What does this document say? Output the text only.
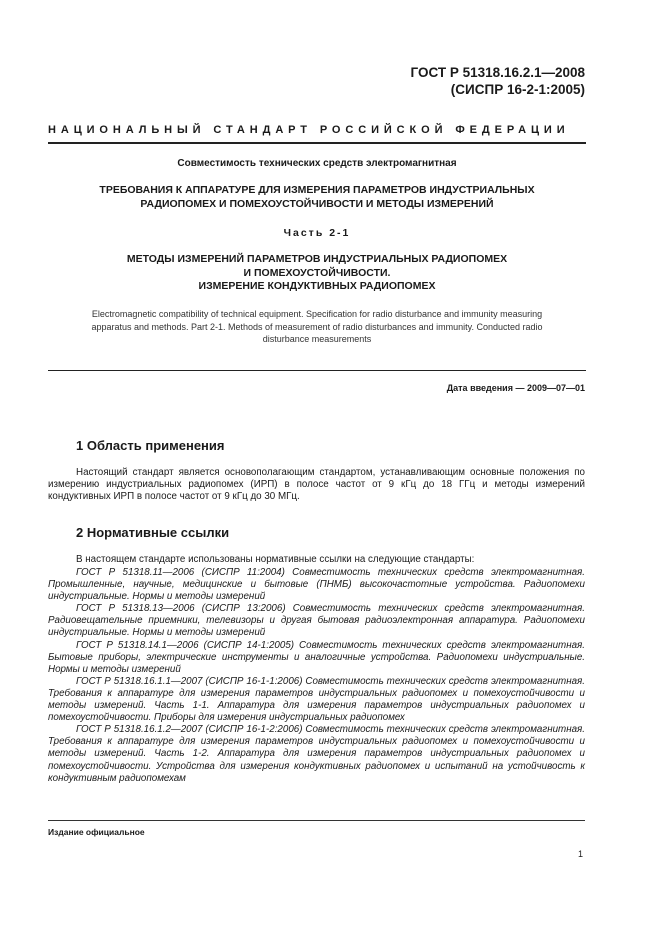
ГОСТ Р 51318.16.2.1—2008
(СИСПР 16-2-1:2005)
НАЦИОНАЛЬНЫЙ СТАНДАРТ РОССИЙСКОЙ ФЕДЕРАЦИИ
Совместимость технических средств электромагнитная
ТРЕБОВАНИЯ К АППАРАТУРЕ ДЛЯ ИЗМЕРЕНИЯ ПАРАМЕТРОВ ИНДУСТРИАЛЬНЫХ
РАДИОПОМЕХ И ПОМЕХОУСТОЙЧИВОСТИ И МЕТОДЫ ИЗМЕРЕНИЙ
Часть 2-1
МЕТОДЫ ИЗМЕРЕНИЙ ПАРАМЕТРОВ ИНДУСТРИАЛЬНЫХ РАДИОПОМЕХ
И ПОМЕХОУСТОЙЧИВОСТИ.
ИЗМЕРЕНИЕ КОНДУКТИВНЫХ РАДИОПОМЕХ
Electromagnetic compatibility of technical equipment. Specification for radio disturbance and immunity measuring
apparatus and methods. Part 2-1. Methods of measurement of radio disturbances and immunity. Conducted radio
disturbance measurements
Дата введения — 2009—07—01
1 Область применения
Настоящий стандарт является основополагающим стандартом, устанавливающим основные положения по измерению индустриальных радиопомех (ИРП) в полосе частот от 9 кГц до 18 ГГц и методы измерений кондуктивных ИРП в полосе частот от 9 кГц до 30 МГц.
2 Нормативные ссылки
В настоящем стандарте использованы нормативные ссылки на следующие стандарты:

ГОСТ Р 51318.11—2006 (СИСПР 11:2004) Совместимость технических средств электромагнитная. Промышленные, научные, медицинские и бытовые (ПНМБ) высокочастотные устройства. Радиопомехи индустриальные. Нормы и методы измерений

ГОСТ Р 51318.13—2006 (СИСПР 13:2006) Совместимость технических средств электромагнитная. Радиовещательные приемники, телевизоры и другая бытовая радиоэлектронная аппаратура. Радиопомехи индустриальные. Нормы и методы измерений

ГОСТ Р 51318.14.1—2006 (СИСПР 14-1:2005) Совместимость технических средств электромагнитная. Бытовые приборы, электрические инструменты и аналогичные устройства. Радиопомехи индустриальные. Нормы и методы измерений

ГОСТ Р 51318.16.1.1—2007 (СИСПР 16-1-1:2006) Совместимость технических средств электромагнитная. Требования к аппаратуре для измерения параметров индустриальных радиопомех и помехоустойчивости и методы измерений. Часть 1-1. Аппаратура для измерения параметров индустриальных радиопомех и помехоустойчивости. Приборы для измерения индустриальных радиопомех

ГОСТ Р 51318.16.1.2—2007 (СИСПР 16-1-2:2006) Совместимость технических средств электромагнитная. Требования к аппаратуре для измерения параметров индустриальных радиопомех и помехоустойчивости и методы измерений. Часть 1-2. Аппаратура для измерения параметров индустриальных радиопомех и помехоустойчивости. Устройства для измерения кондуктивных радиопомех и испытаний на устойчивость к кондуктивным радиопомехам

Издание официальное
1
